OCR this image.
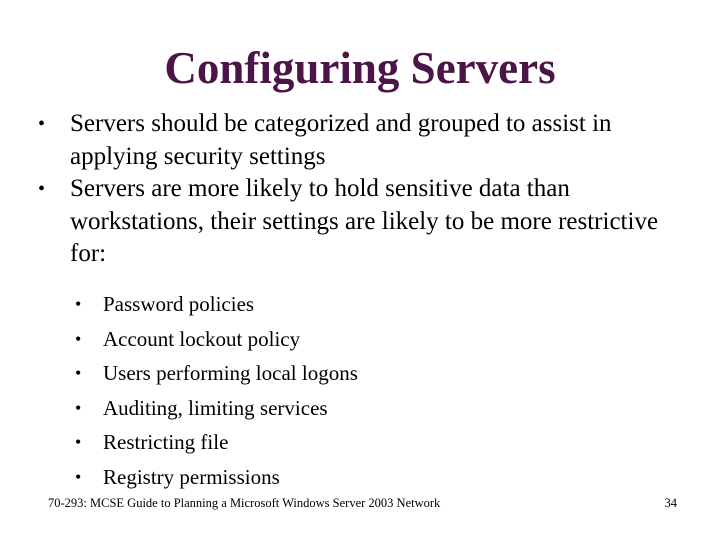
Configuring Servers
• Servers should be categorized and grouped to assist in applying security settings
• Servers are more likely to hold sensitive data than workstations, their settings are likely to be more restrictive for:
• Password policies
• Account lockout policy
• Users performing local logons
• Auditing, limiting services
• Restricting file
• Registry permissions
70-293: MCSE Guide to Planning a Microsoft Windows Server 2003 Network	34
